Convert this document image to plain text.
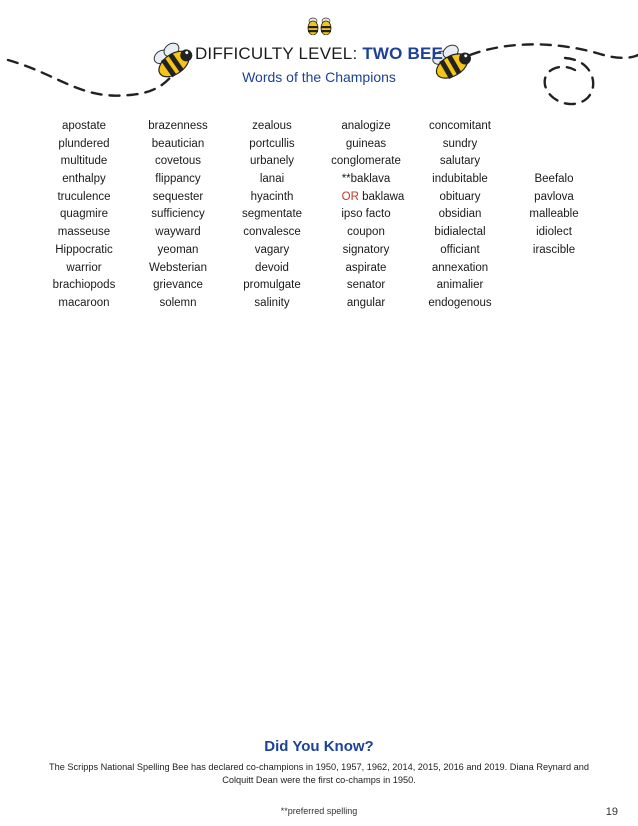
DIFFICULTY LEVEL: TWO BEE
Words of the Champions
apostate
plundered
multitude
enthalpy
truculence
quagmire
masseuse
Hippocratic
warrior
brachiopods
macaroon
brazenness
beautician
covetous
flippancy
sequester
sufficiency
wayward
yeoman
Websterian
grievance
solemn
zealous
portcullis
urbanely
lanai
hyacinth
segmentate
convalesce
vagary
devoid
promulgate
salinity
analogize
guineas
conglomerate
**baklava
OR baklawa
ipso facto
coupon
signatory
aspirate
senator
angular
concomitant
sundry
salutary
indubitable
obituary
obsidian
bidialectal
officiant
annexation
animalier
endogenous
Beefalo
pavlova
malleable
idiolect
irascible
Did You Know?
The Scripps National Spelling Bee has declared co-champions in 1950, 1957, 1962, 2014, 2015, 2016 and 2019. Diana Reynard and Colquitt Dean were the first co-champs in 1950.
**preferred spelling	19
